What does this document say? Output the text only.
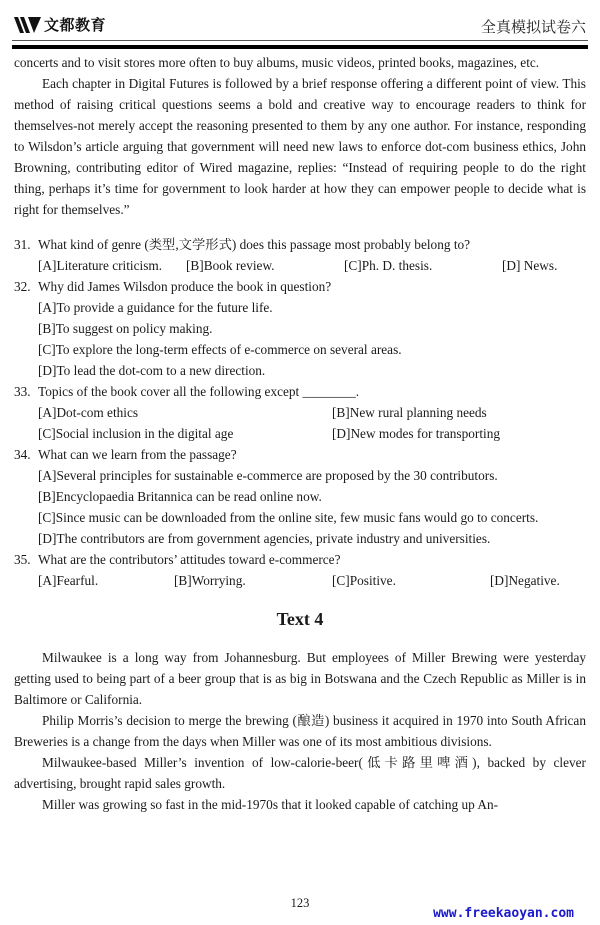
文都教育	全真模拟试卷六

concerts and to visit stores more often to buy albums, music videos, printed books, magazines, etc.

Each chapter in Digital Futures is followed by a brief response offering a different point of view. This method of raising critical questions seems a bold and creative way to encourage readers to think for themselves-not merely accept the reasoning presented to them by any one author. For instance, responding to Wilsdon’s article arguing that government will need new laws to enforce dot-com business ethics, John Browning, contributing editor of Wired magazine, replies: “Instead of requiring people to do the right thing, perhaps it’s time for government to look harder at how they can empower people to decide what is right for themselves.”

31. What kind of genre (类型,文学形式) does this passage most probably belong to?
[A]Literature criticism.	[B]Book review.	[C]Ph. D. thesis.	[D] News.
32. Why did James Wilsdon produce the book in question?
[A]To provide a guidance for the future life.
[B]To suggest on policy making.
[C]To explore the long-term effects of e-commerce on several areas.
[D]To lead the dot-com to a new direction.
33. Topics of the book cover all the following except ________.
[A]Dot-com ethics	[B]New rural planning needs
[C]Social inclusion in the digital age	[D]New modes for transporting
34. What can we learn from the passage?
[A]Several principles for sustainable e-commerce are proposed by the 30 contributors.
[B]Encyclopaedia Britannica can be read online now.
[C]Since music can be downloaded from the online site, few music fans would go to concerts.
[D]The contributors are from government agencies, private industry and universities.
35. What are the contributors’ attitudes toward e-commerce?
[A]Fearful.	[B]Worrying.	[C]Positive.	[D]Negative.
Text 4

Milwaukee is a long way from Johannesburg. But employees of Miller Brewing were yesterday getting used to being part of a beer group that is as big in Botswana and the Czech Republic as Miller is in Baltimore or California.

Philip Morris’s decision to merge the brewing (酿造) business it acquired in 1970 into South African Breweries is a change from the days when Miller was one of its most ambitious divisions.

Milwaukee-based Miller’s invention of low-calorie-beer(低卡路里啤酒), backed by clever advertising, brought rapid sales growth.

Miller was growing so fast in the mid-1970s that it looked capable of catching up An-

123
www.freekaoyan.com
